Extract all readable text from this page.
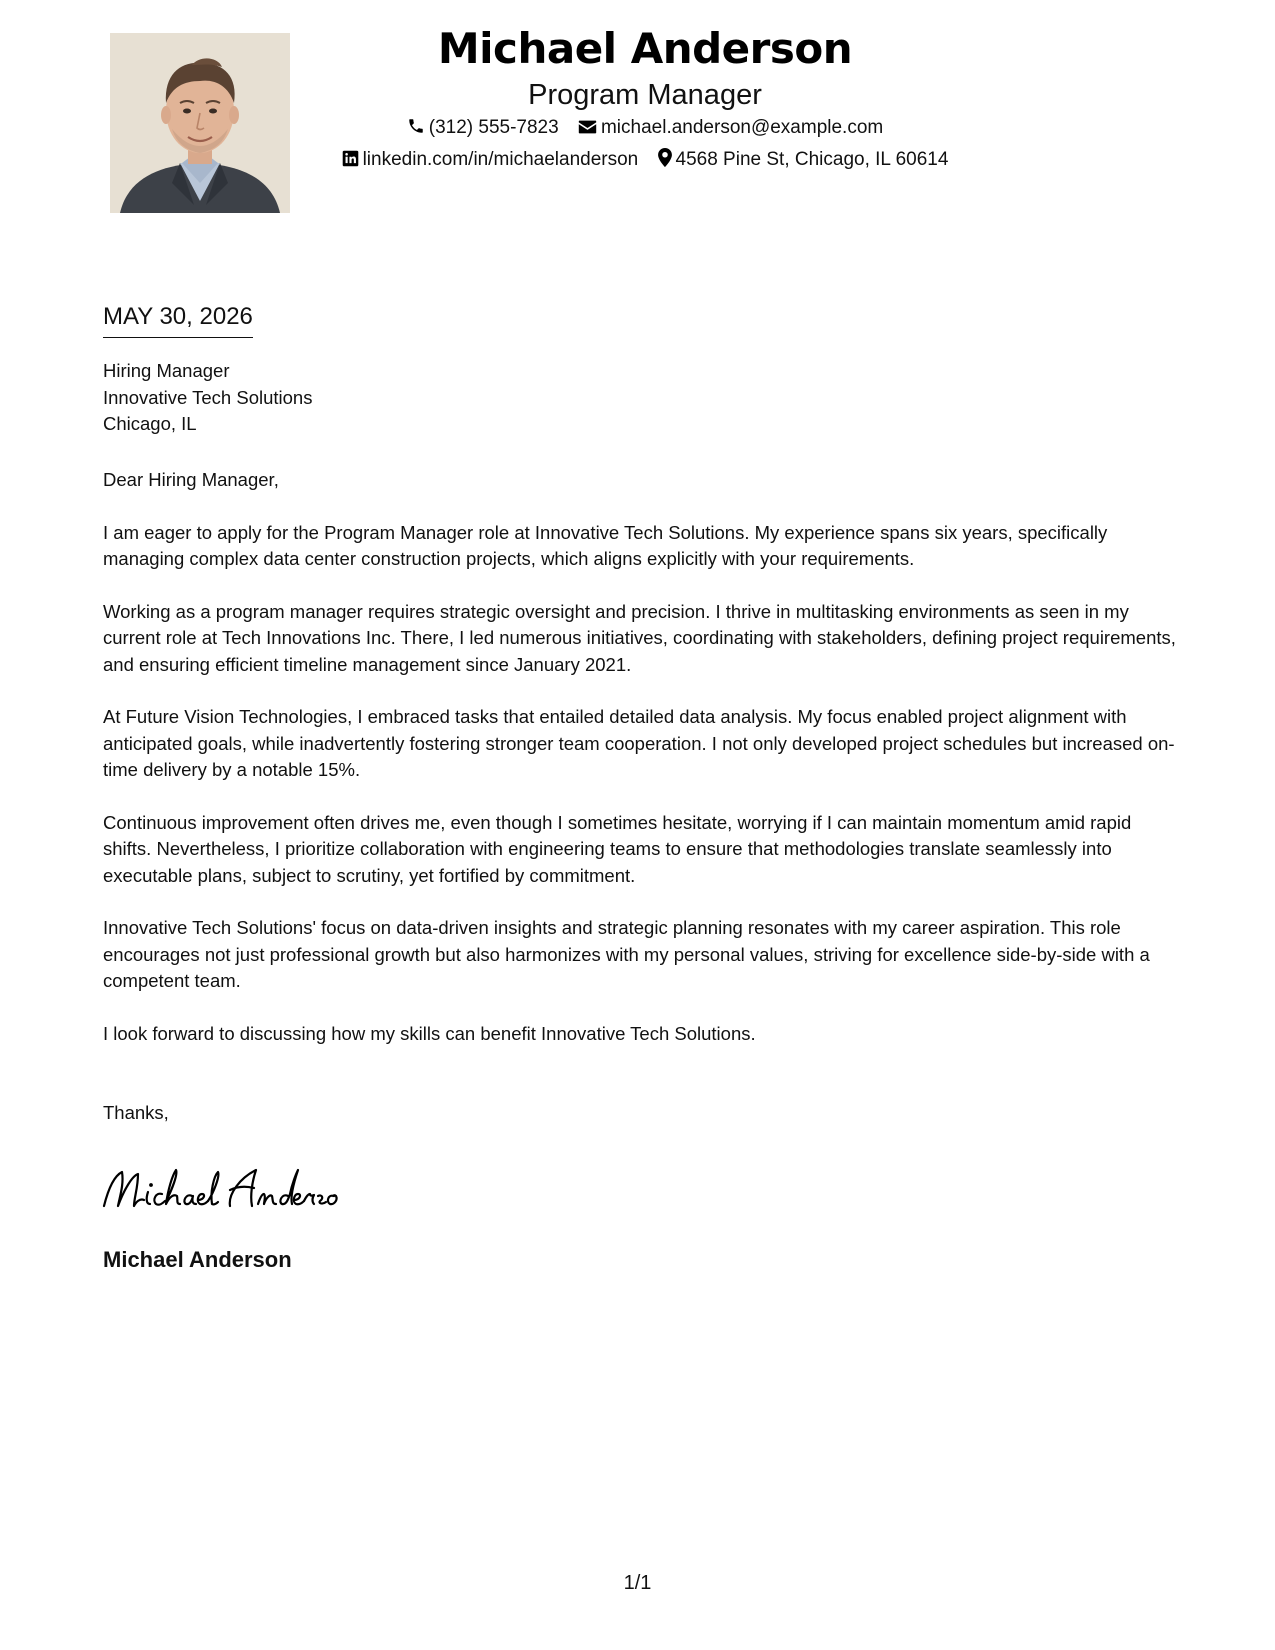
Michael Anderson
Program Manager
(312) 555-7823 michael.anderson@example.com
linkedin.com/in/michaelanderson 4568 Pine St, Chicago, IL 60614
MAY 30, 2026
Hiring Manager
Innovative Tech Solutions
Chicago, IL

Dear Hiring Manager,

I am eager to apply for the Program Manager role at Innovative Tech Solutions. My experience spans six years, specifically managing complex data center construction projects, which aligns explicitly with your requirements.

Working as a program manager requires strategic oversight and precision. I thrive in multitasking environments as seen in my current role at Tech Innovations Inc. There, I led numerous initiatives, coordinating with stakeholders, defining project requirements, and ensuring efficient timeline management since January 2021.

At Future Vision Technologies, I embraced tasks that entailed detailed data analysis. My focus enabled project alignment with anticipated goals, while inadvertently fostering stronger team cooperation. I not only developed project schedules but increased on-time delivery by a notable 15%.

Continuous improvement often drives me, even though I sometimes hesitate, worrying if I can maintain momentum amid rapid shifts. Nevertheless, I prioritize collaboration with engineering teams to ensure that methodologies translate seamlessly into executable plans, subject to scrutiny, yet fortified by commitment.

Innovative Tech Solutions' focus on data-driven insights and strategic planning resonates with my career aspiration. This role encourages not just professional growth but also harmonizes with my personal values, striving for excellence side-by-side with a competent team.

I look forward to discussing how my skills can benefit Innovative Tech Solutions.

Thanks,
Michael Anderson
1/1
